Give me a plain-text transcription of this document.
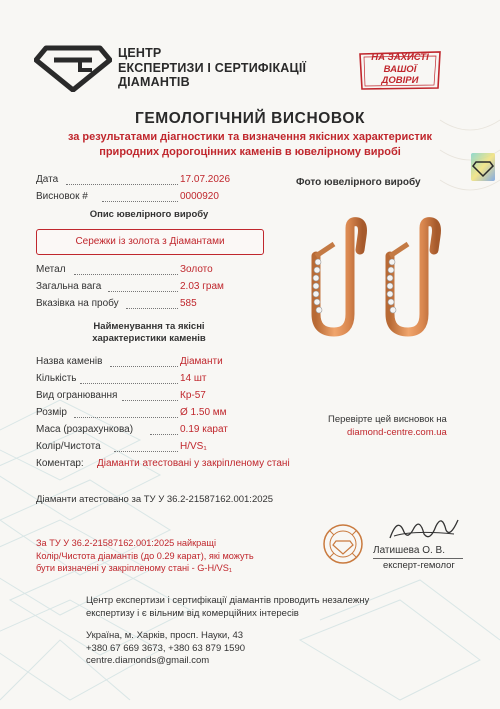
ЦЕНТР
ЕКСПЕРТИЗИ І СЕРТИФІКАЦІЇ
ДІАМАНТІВ
НА ЗАХИСТІ
ВАШОЇ
ДОВІРИ
ГЕМОЛОГІЧНИЙ ВИСНОВОК
за результатами діагностики та визначення якісних характеристик
природних дорогоцінних каменів в ювелірному виробі
Дата	17.07.2026
Висновок #	0000920
Опис ювелірного виробу
Сережки із золота з Діамантами
Метал	Золото
Загальна вага	2.03 грам
Вказівка на пробу	585
Найменування та якісні
характеристики каменів
Назва каменів	Діаманти
Кількість	14 шт
Вид огранювання	Кр-57
Розмір	Ø 1.50 мм
Маса (розрахункова)	0.19 карат
Колір/Чистота	H/VS₁
Коментар: Діаманти атестовані у закріпленому стані
Фото ювелірного виробу
Перевірте цей висновок на
diamond-centre.com.ua
Діаманти атестовано за ТУ У 36.2-21587162.001:2025
За ТУ У 36.2-21587162.001:2025 найкращі
Колір/Чистота діамантів (до 0.29 карат), які можуть
бути визначені у закріпленому стані - G-H/VS₁
Латишева О. В.
експерт-гемолог
Центр експертизи і сертифікації діамантів проводить незалежну
експертизу і є вільним від комерційних інтересів
Україна, м. Харків, просп. Науки, 43
+380 67 669 3673, +380 63 879 1590
centre.diamonds@gmail.com
